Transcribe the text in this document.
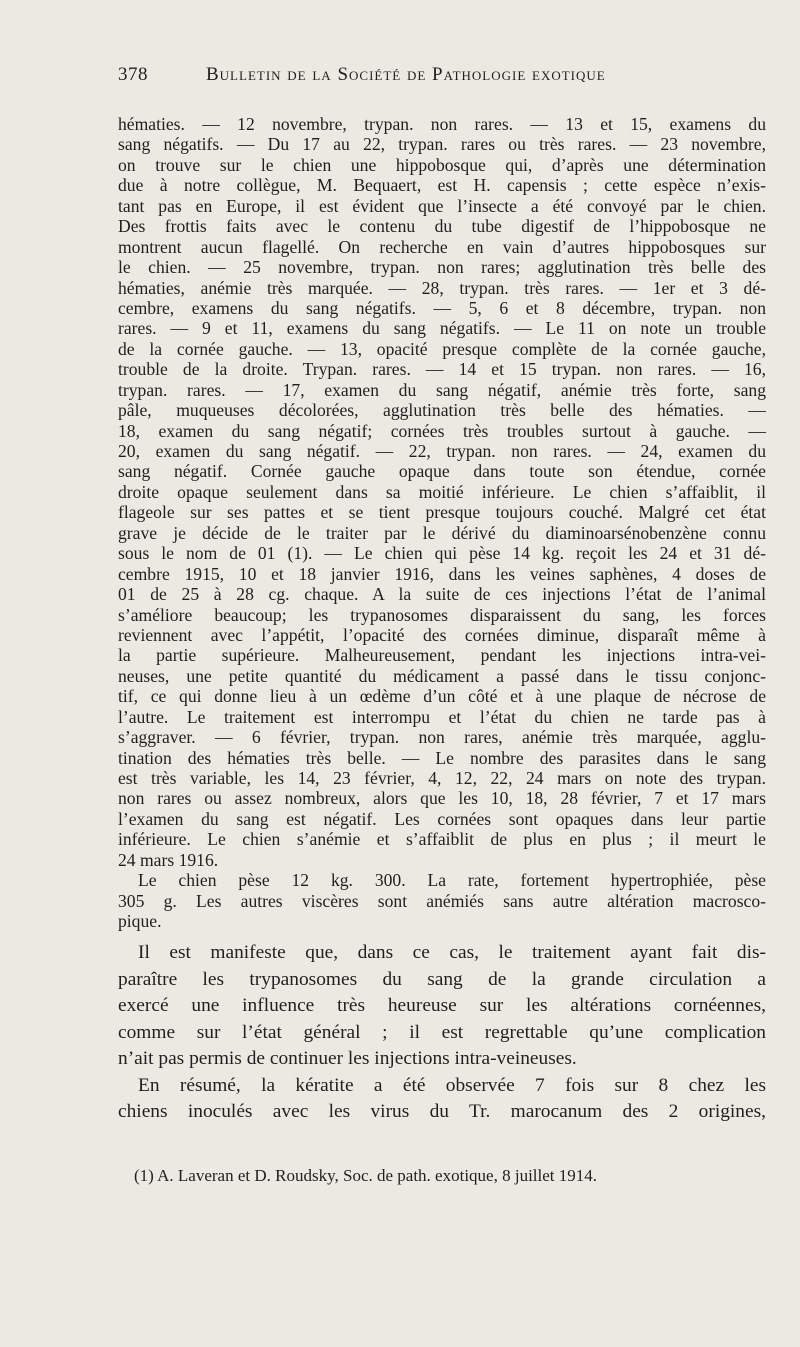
378	Bulletin de la Société de Pathologie exotique
hématies. — 12 novembre, trypan. non rares. — 13 et 15, examens du
sang négatifs. — Du 17 au 22, trypan. rares ou très rares. — 23 novembre,
on trouve sur le chien une hippobosque qui, d’après une détermination
due à notre collègue, M. Bequaert, est H. capensis ; cette espèce n’exis-
tant pas en Europe, il est évident que l’insecte a été convoyé par le chien.
Des frottis faits avec le contenu du tube digestif de l’hippobosque ne
montrent aucun flagellé. On recherche en vain d’autres hippobosques sur
le chien. — 25 novembre, trypan. non rares; agglutination très belle des
hématies, anémie très marquée. — 28, trypan. très rares. — 1er et 3 dé-
cembre, examens du sang négatifs. — 5, 6 et 8 décembre, trypan. non
rares. — 9 et 11, examens du sang négatifs. — Le 11 on note un trouble
de la cornée gauche. — 13, opacité presque complète de la cornée gauche,
trouble de la droite. Trypan. rares. — 14 et 15 trypan. non rares. — 16,
trypan. rares. — 17, examen du sang négatif, anémie très forte, sang
pâle, muqueuses décolorées, agglutination très belle des hématies. —
18, examen du sang négatif; cornées très troubles surtout à gauche. —
20, examen du sang négatif. — 22, trypan. non rares. — 24, examen du
sang négatif. Cornée gauche opaque dans toute son étendue, cornée
droite opaque seulement dans sa moitié inférieure. Le chien s’affaiblit, il
flageole sur ses pattes et se tient presque toujours couché. Malgré cet état
grave je décide de le traiter par le dérivé du diaminoarsénobenzène connu
sous le nom de 01 (1). — Le chien qui pèse 14 kg. reçoit les 24 et 31 dé-
cembre 1915, 10 et 18 janvier 1916, dans les veines saphènes, 4 doses de
01 de 25 à 28 cg. chaque. A la suite de ces injections l’état de l’animal
s’améliore beaucoup; les trypanosomes disparaissent du sang, les forces
reviennent avec l’appétit, l’opacité des cornées diminue, disparaît même à
la partie supérieure. Malheureusement, pendant les injections intra-vei-
neuses, une petite quantité du médicament a passé dans le tissu conjonc-
tif, ce qui donne lieu à un œdème d’un côté et à une plaque de nécrose de
l’autre. Le traitement est interrompu et l’état du chien ne tarde pas à
s’aggraver. — 6 février, trypan. non rares, anémie très marquée, agglu-
tination des hématies très belle. — Le nombre des parasites dans le sang
est très variable, les 14, 23 février, 4, 12, 22, 24 mars on note des trypan.
non rares ou assez nombreux, alors que les 10, 18, 28 février, 7 et 17 mars
l’examen du sang est négatif. Les cornées sont opaques dans leur partie
inférieure. Le chien s’anémie et s’affaiblit de plus en plus ; il meurt le
24 mars 1916.
Le chien pèse 12 kg. 300. La rate, fortement hypertrophiée, pèse
305 g. Les autres viscères sont anémiés sans autre altération macrosco-
pique.
Il est manifeste que, dans ce cas, le traitement ayant fait dis-
paraître les trypanosomes du sang de la grande circulation a
exercé une influence très heureuse sur les altérations cornéennes,
comme sur l’état général ; il est regrettable qu’une complication
n’ait pas permis de continuer les injections intra-veineuses.
En résumé, la kératite a été observée 7 fois sur 8 chez les
chiens inoculés avec les virus du Tr. marocanum des 2 origines,
(1) A. Laveran et D. Roudsky, Soc. de path. exotique, 8 juillet 1914.
